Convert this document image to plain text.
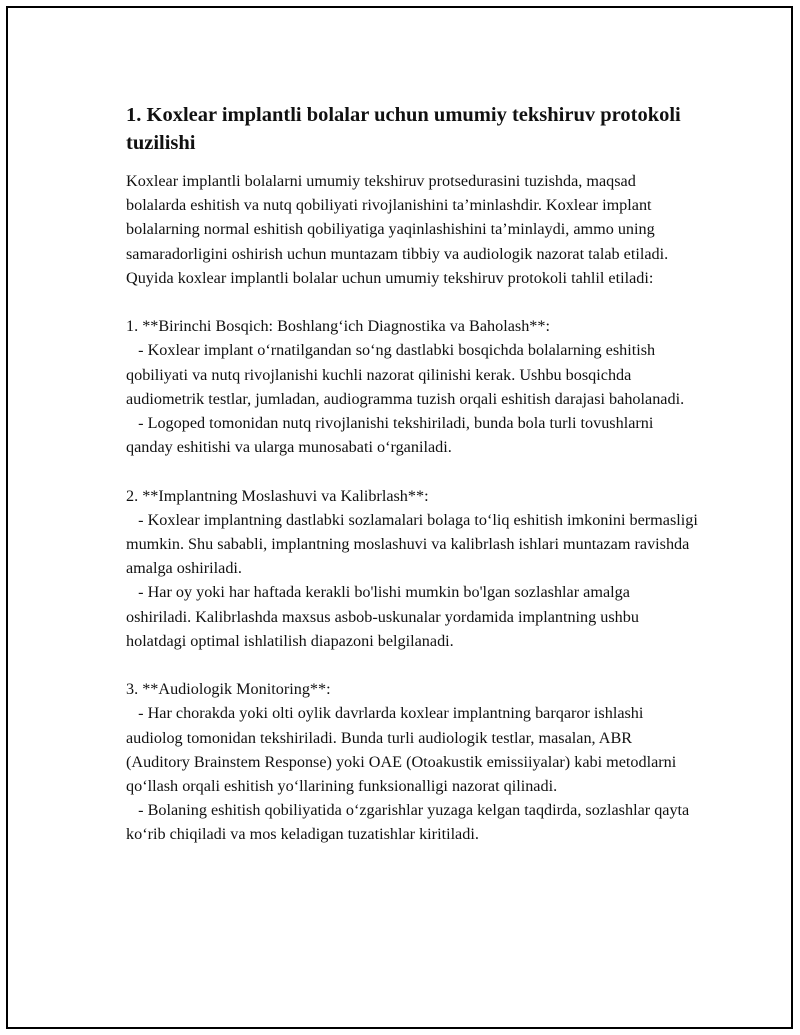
1. Koxlear implantli bolalar uchun umumiy tekshiruv protokoli tuzilishi

Koxlear implantli bolalarni umumiy tekshiruv protsedurasini tuzishda, maqsad bolalarda eshitish va nutq qobiliyati rivojlanishini ta’minlashdir. Koxlear implant bolalarning normal eshitish qobiliyatiga yaqinlashishini ta’minlaydi, ammo uning samaradorligini oshirish uchun muntazam tibbiy va audiologik nazorat talab etiladi. Quyida koxlear implantli bolalar uchun umumiy tekshiruv protokoli tahlil etiladi:

1. **Birinchi Bosqich: Boshlang‘ich Diagnostika va Baholash**:

- Koxlear implant o‘rnatilgandan so‘ng dastlabki bosqichda bolalarning eshitish qobiliyati va nutq rivojlanishi kuchli nazorat qilinishi kerak. Ushbu bosqichda audiometrik testlar, jumladan, audiogramma tuzish orqali eshitish darajasi baholanadi.

- Logoped tomonidan nutq rivojlanishi tekshiriladi, bunda bola turli tovushlarni qanday eshitishi va ularga munosabati o‘rganiladi.

2. **Implantning Moslashuvi va Kalibrlash**:

- Koxlear implantning dastlabki sozlamalari bolaga to‘liq eshitish imkonini bermasligi mumkin. Shu sababli, implantning moslashuvi va kalibrlash ishlari muntazam ravishda amalga oshiriladi.

- Har oy yoki har haftada kerakli bo'lishi mumkin bo'lgan sozlashlar amalga oshiriladi. Kalibrlashda maxsus asbob-uskunalar yordamida implantning ushbu holatdagi optimal ishlatilish diapazoni belgilanadi.

3. **Audiologik Monitoring**:

- Har chorakda yoki olti oylik davrlarda koxlear implantning barqaror ishlashi audiolog tomonidan tekshiriladi. Bunda turli audiologik testlar, masalan, ABR (Auditory Brainstem Response) yoki OAE (Otoakustik emissiiyalar) kabi metodlarni qo‘llash orqali eshitish yo‘llarining funksionalligi nazorat qilinadi.

- Bolaning eshitish qobiliyatida o‘zgarishlar yuzaga kelgan taqdirda, sozlashlar qayta ko‘rib chiqiladi va mos keladigan tuzatishlar kiritiladi.
